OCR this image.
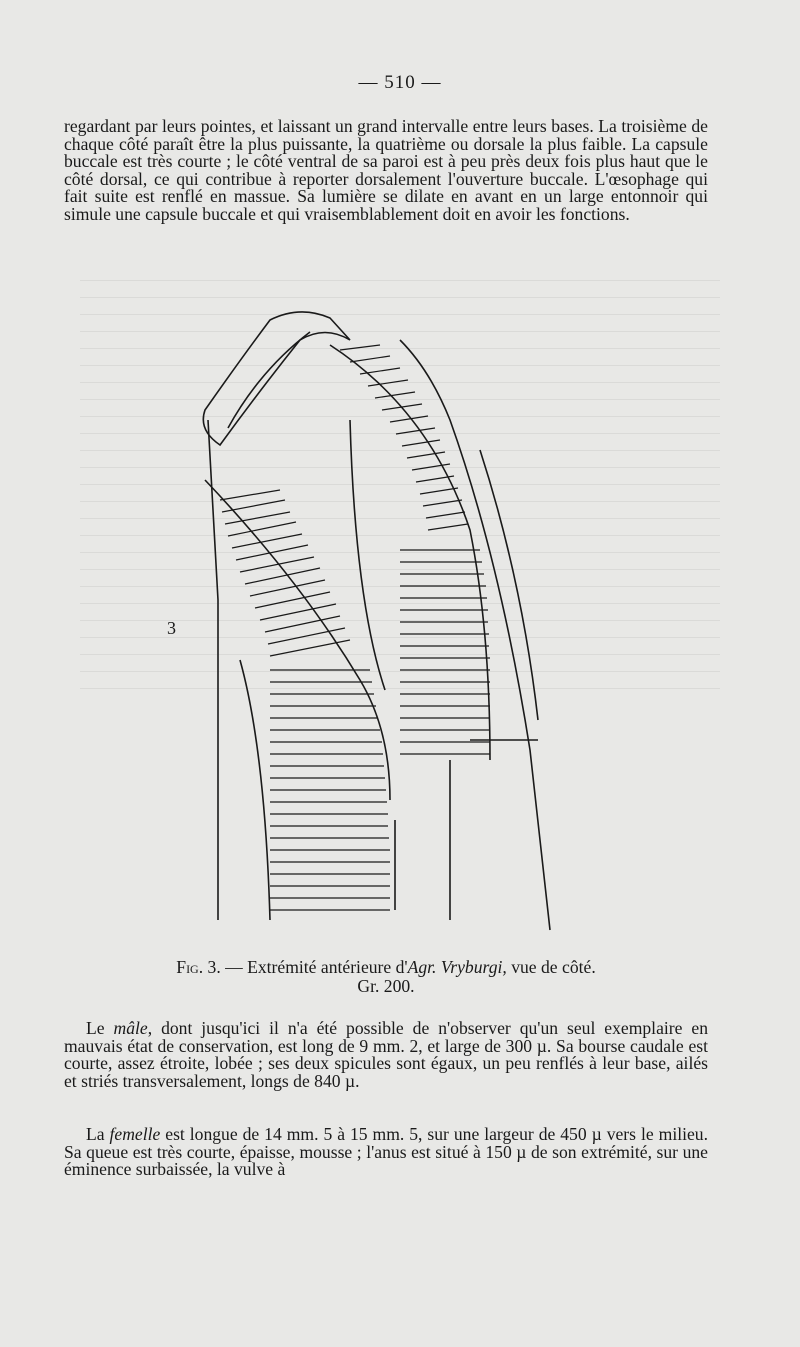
— 510 —

regardant par leurs pointes, et laissant un grand intervalle entre leurs bases. La troisième de chaque côté paraît être la plus puissante, la quatrième ou dorsale la plus faible. La capsule buccale est très courte ; le côté ventral de sa paroi est à peu près deux fois plus haut que le côté dorsal, ce qui contribue à reporter dorsalement l'ouverture buccale. L'œsophage qui fait suite est renflé en massue. Sa lumière se dilate en avant en un large entonnoir qui simule une capsule buccale et qui vraisemblablement doit en avoir les fonctions.

3
Fig. 3. — Extrémité antérieure d'Agr. Vryburgi, vue de côté.
Gr. 200.

Le mâle, dont jusqu'ici il n'a été possible de n'observer qu'un seul exemplaire en mauvais état de conservation, est long de 9 mm. 2, et large de 300 µ. Sa bourse caudale est courte, assez étroite, lobée ; ses deux spicules sont égaux, un peu renflés à leur base, ailés et striés transversalement, longs de 840 µ.

La femelle est longue de 14 mm. 5 à 15 mm. 5, sur une largeur de 450 µ vers le milieu. Sa queue est très courte, épaisse, mousse ; l'anus est situé à 150 µ de son extrémité, sur une éminence surbaissée, la vulve à
